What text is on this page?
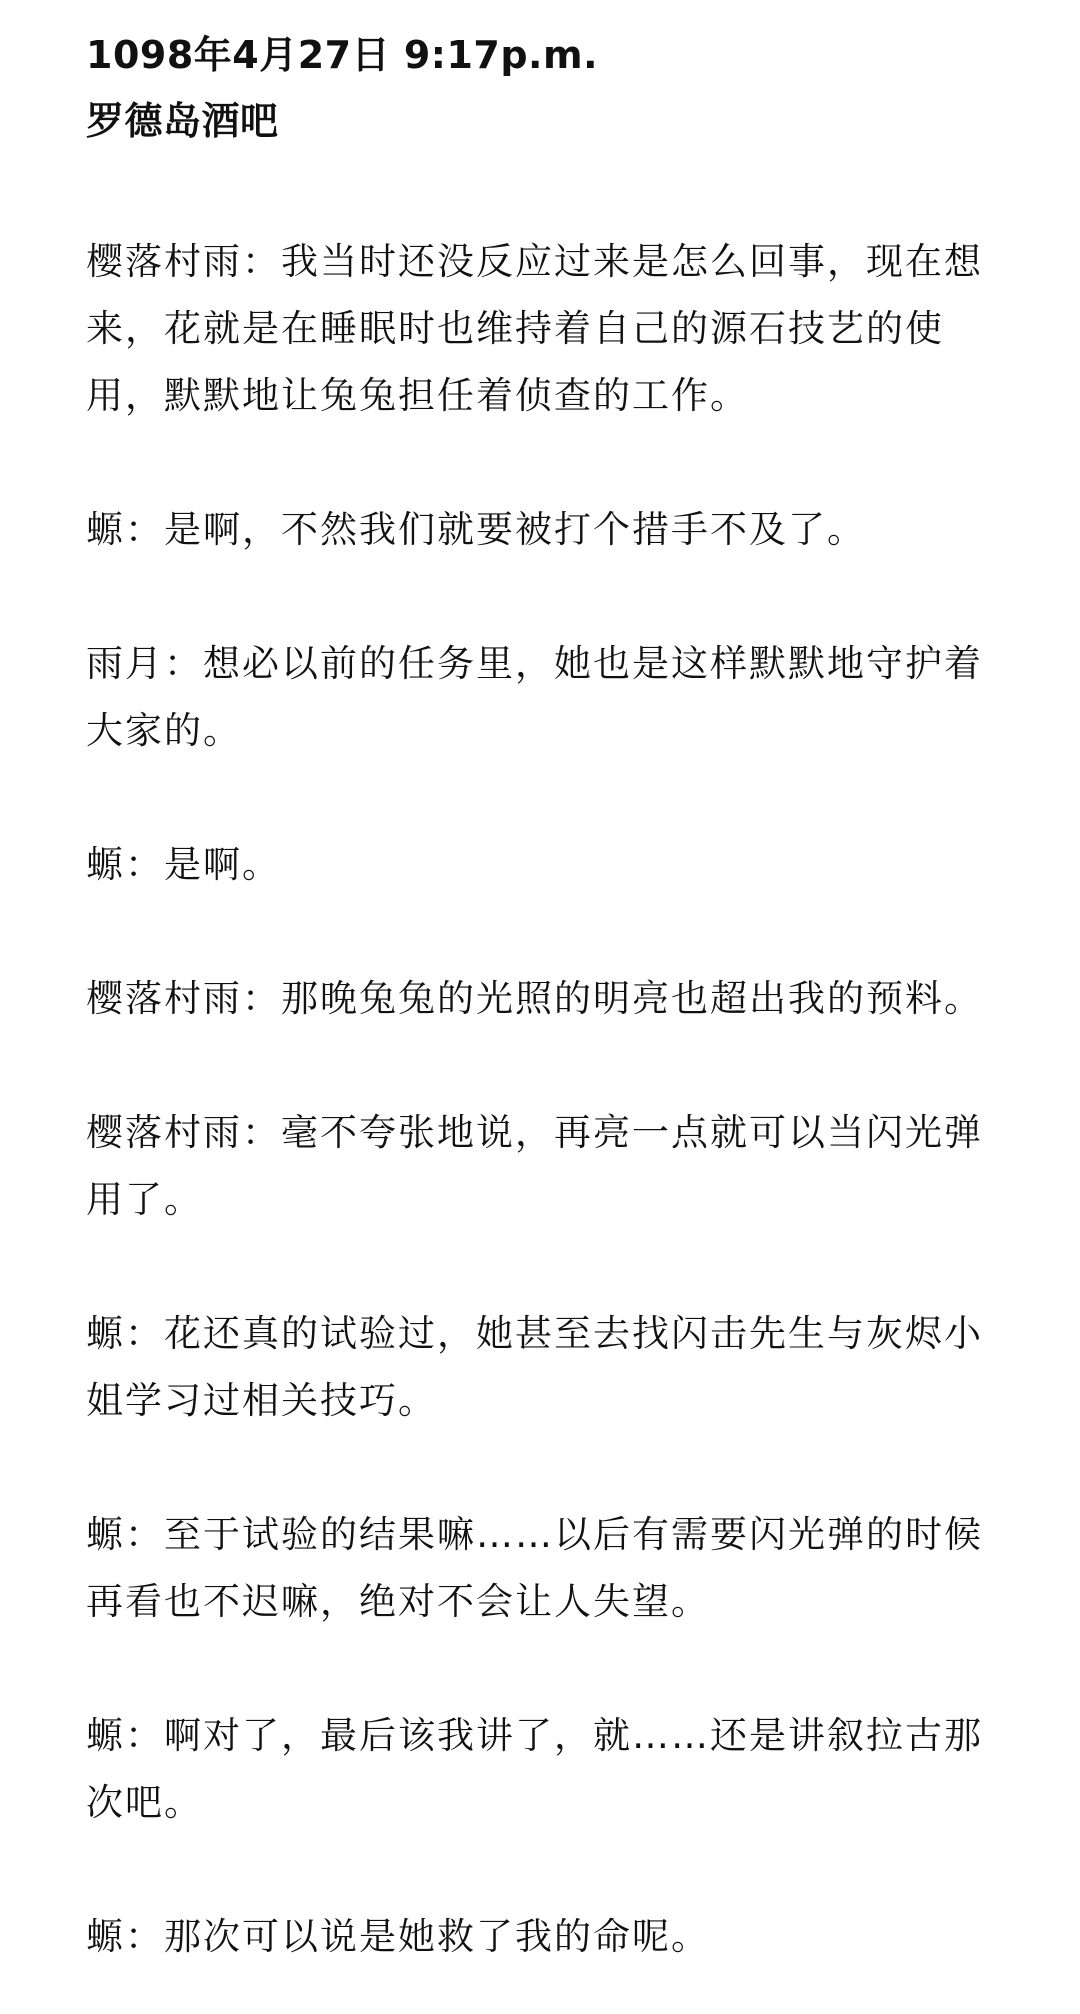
1098年4月27日 9:17p.m.
罗德岛酒吧

樱落村雨：我当时还没反应过来是怎么回事，现在想来，花就是在睡眠时也维持着自己的源石技艺的使用，默默地让兔兔担任着侦查的工作。

螈：是啊，不然我们就要被打个措手不及了。

雨月：想必以前的任务里，她也是这样默默地守护着大家的。

螈：是啊。

樱落村雨：那晚兔兔的光照的明亮也超出我的预料。

樱落村雨：毫不夸张地说，再亮一点就可以当闪光弹用了。

螈：花还真的试验过，她甚至去找闪击先生与灰烬小姐学习过相关技巧。

螈：至于试验的结果嘛……以后有需要闪光弹的时候再看也不迟嘛，绝对不会让人失望。

螈：啊对了，最后该我讲了，就……还是讲叙拉古那次吧。

螈：那次可以说是她救了我的命呢。
